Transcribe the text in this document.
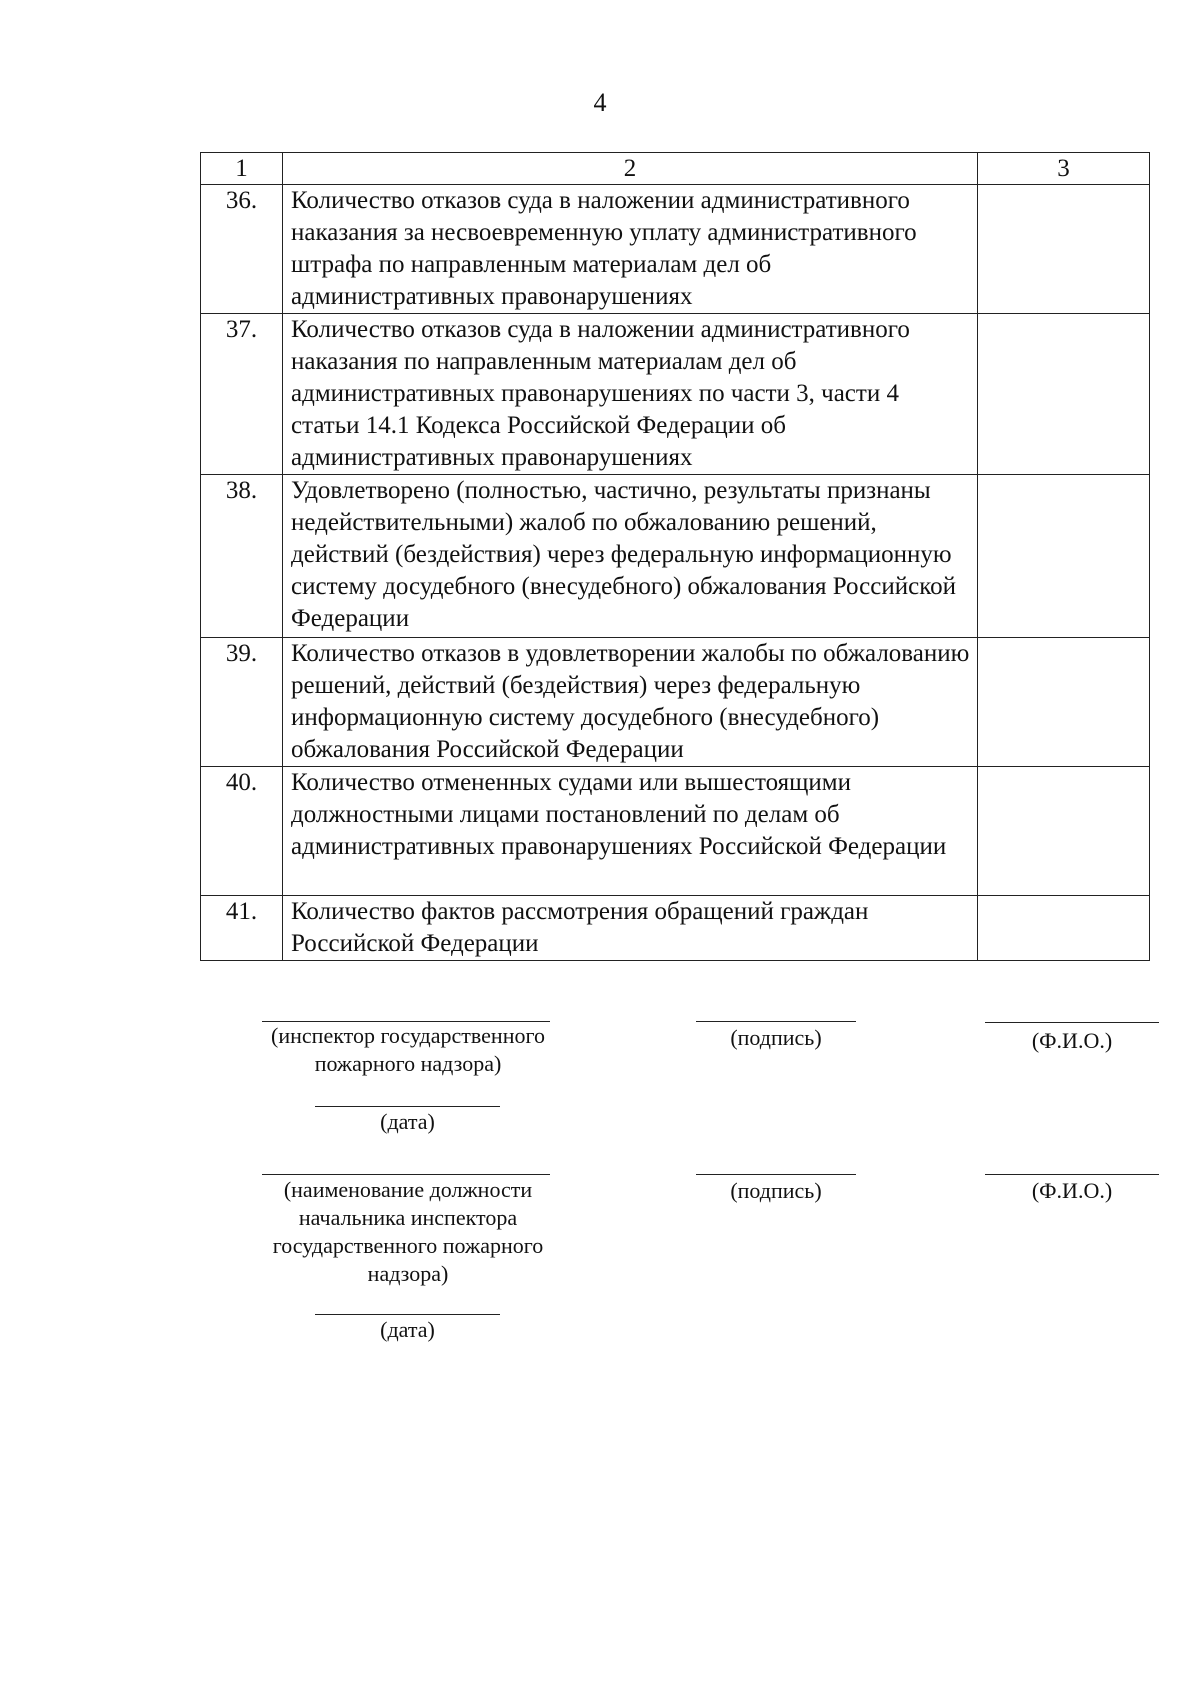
4
1	2	3
36.	Количество отказов суда в наложении административного наказания за несвоевременную уплату административного штрафа по направленным материалам дел об административных правонарушениях	
37.	Количество отказов суда в наложении административного наказания по направленным материалам дел об административных правонарушениях по части 3, части 4 статьи 14.1 Кодекса Российской Федерации об административных правонарушениях	
38.	Удовлетворено (полностью, частично, результаты признаны недействительными) жалоб по обжалованию решений, действий (бездействия) через федеральную информационную систему досудебного (внесудебного) обжалования Российской Федерации	
39.	Количество отказов в удовлетворении жалобы по обжалованию решений, действий (бездействия) через федеральную информационную систему досудебного (внесудебного) обжалования Российской Федерации	
40.	Количество отмененных судами или вышестоящими должностными лицами постановлений по делам об административных правонарушениях Российской Федерации	
41.	Количество фактов рассмотрения обращений граждан Российской Федерации	
(инспектор государственного пожарного надзора)
(подпись)	(Ф.И.О.)
(дата)
(наименование должности начальника инспектора государственного пожарного надзора)
(подпись)	(Ф.И.О.)
(дата)
